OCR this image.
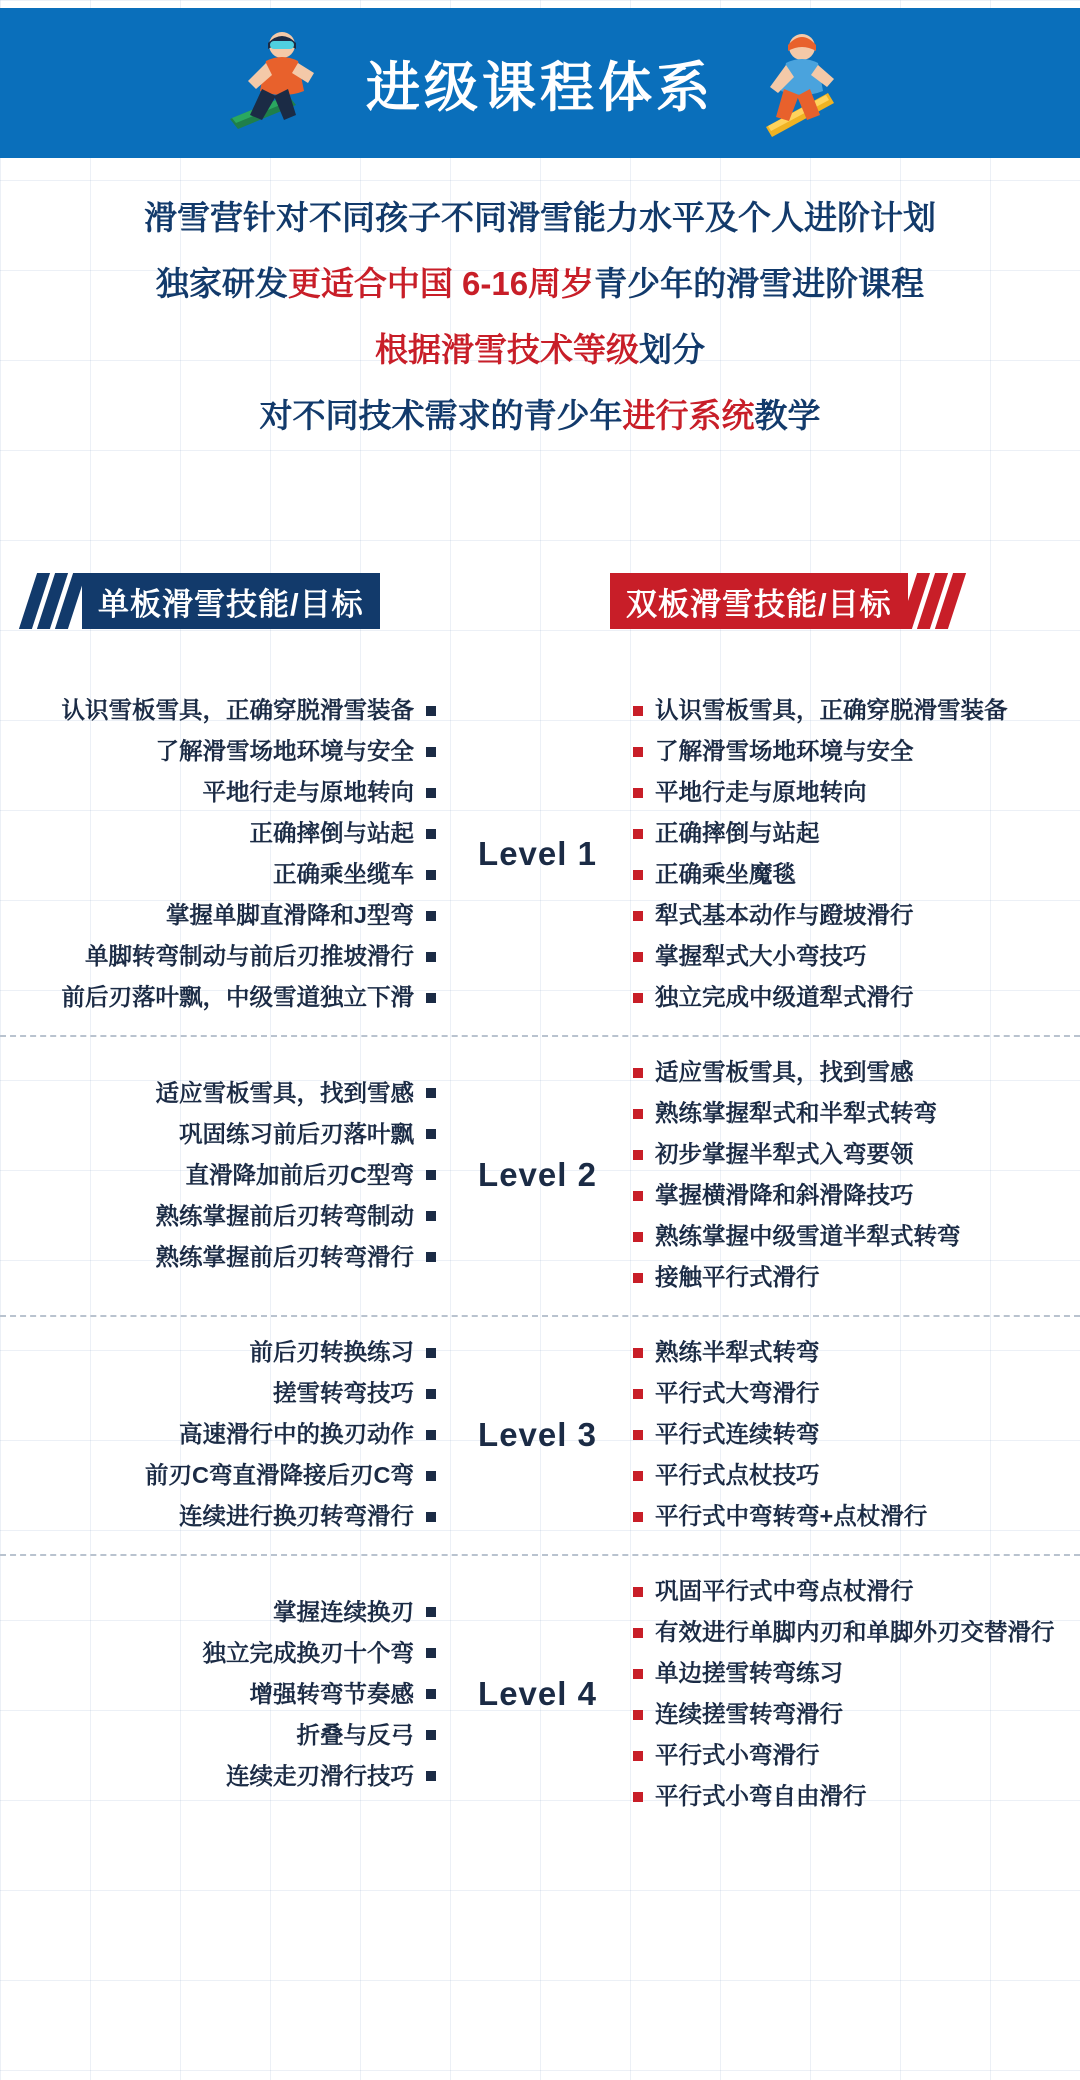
进级课程体系
滑雪营针对不同孩子不同滑雪能力水平及个人进阶计划
独家研发更适合中国 6-16周岁青少年的滑雪进阶课程
根据滑雪技术等级划分
对不同技术需求的青少年进行系统教学
单板滑雪技能/目标	双板滑雪技能/目标
认识雪板雪具，正确穿脱滑雪装备
了解滑雪场地环境与安全
平地行走与原地转向
正确摔倒与站起
正确乘坐缆车
掌握单脚直滑降和J型弯
单脚转弯制动与前后刃推坡滑行
前后刃落叶飘，中级雪道独立下滑
Level 1
认识雪板雪具，正确穿脱滑雪装备
了解滑雪场地环境与安全
平地行走与原地转向
正确摔倒与站起
正确乘坐魔毯
犁式基本动作与蹬坡滑行
掌握犁式大小弯技巧
独立完成中级道犁式滑行
适应雪板雪具，找到雪感
巩固练习前后刃落叶飘
直滑降加前后刃C型弯
熟练掌握前后刃转弯制动
熟练掌握前后刃转弯滑行
Level 2
适应雪板雪具，找到雪感
熟练掌握犁式和半犁式转弯
初步掌握半犁式入弯要领
掌握横滑降和斜滑降技巧
熟练掌握中级雪道半犁式转弯
接触平行式滑行
前后刃转换练习
搓雪转弯技巧
高速滑行中的换刃动作
前刃C弯直滑降接后刃C弯
连续进行换刃转弯滑行
Level 3
熟练半犁式转弯
平行式大弯滑行
平行式连续转弯
平行式点杖技巧
平行式中弯转弯+点杖滑行
掌握连续换刃
独立完成换刃十个弯
增强转弯节奏感
折叠与反弓
连续走刃滑行技巧
Level 4
巩固平行式中弯点杖滑行
有效进行单脚内刃和单脚外刃交替滑行
单边搓雪转弯练习
连续搓雪转弯滑行
平行式小弯滑行
平行式小弯自由滑行
